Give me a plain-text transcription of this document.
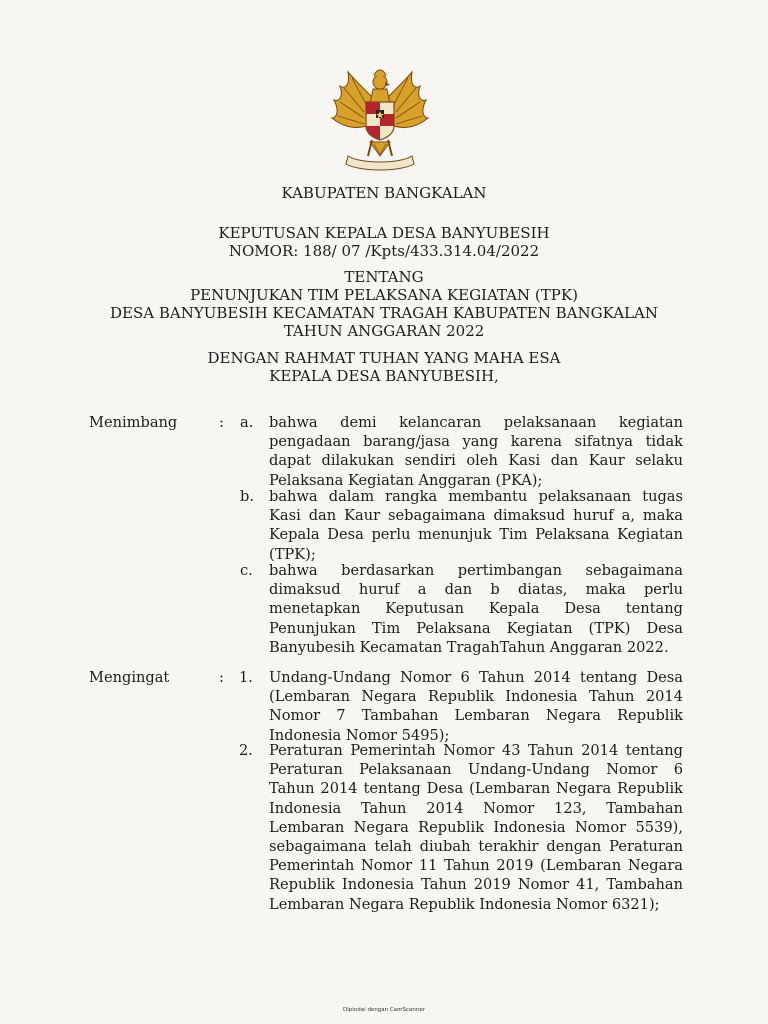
KABUPATEN BANGKALAN
KEPUTUSAN KEPALA DESA BANYUBESIH
NOMOR: 188/ 07 /Kpts/433.314.04/2022
TENTANG
PENUNJUKAN TIM PELAKSANA KEGIATAN (TPK)
DESA BANYUBESIH KECAMATAN TRAGAH KABUPATEN BANGKALAN
TAHUN ANGGARAN 2022
DENGAN RAHMAT TUHAN YANG MAHA ESA
KEPALA DESA BANYUBESIH,
Menimbang	: a. bahwa demi kelancaran pelaksanaan kegiatan
pengadaan barang/jasa yang karena sifatnya tidak
dapat dilakukan sendiri oleh Kasi dan Kaur selaku
Pelaksana Kegiatan Anggaran (PKA);
b. bahwa dalam rangka membantu pelaksanaan tugas
Kasi dan Kaur sebagaimana dimaksud huruf a, maka
Kepala Desa perlu menunjuk Tim Pelaksana Kegiatan
(TPK);
c. bahwa berdasarkan pertimbangan sebagaimana
dimaksud huruf a dan b diatas, maka perlu
menetapkan Keputusan Kepala Desa tentang
Penunjukan Tim Pelaksana Kegiatan (TPK) Desa
Banyubesih Kecamatan TragahTahun Anggaran 2022.
Mengingat	: 1. Undang-Undang Nomor 6 Tahun 2014 tentang Desa
(Lembaran Negara Republik Indonesia Tahun 2014
Nomor 7 Tambahan Lembaran Negara Republik
Indonesia Nomor 5495);
2. Peraturan Pemerintah Nomor 43 Tahun 2014 tentang
Peraturan Pelaksanaan Undang-Undang Nomor 6
Tahun 2014 tentang Desa (Lembaran Negara Republik
Indonesia Tahun 2014 Nomor 123, Tambahan
Lembaran Negara Republik Indonesia Nomor 5539),
sebagaimana telah diubah terakhir dengan Peraturan
Pemerintah Nomor 11 Tahun 2019 (Lembaran Negara
Republik Indonesia Tahun 2019 Nomor 41, Tambahan
Lembaran Negara Republik Indonesia Nomor 6321);
Dipindai dengan CamScanner
